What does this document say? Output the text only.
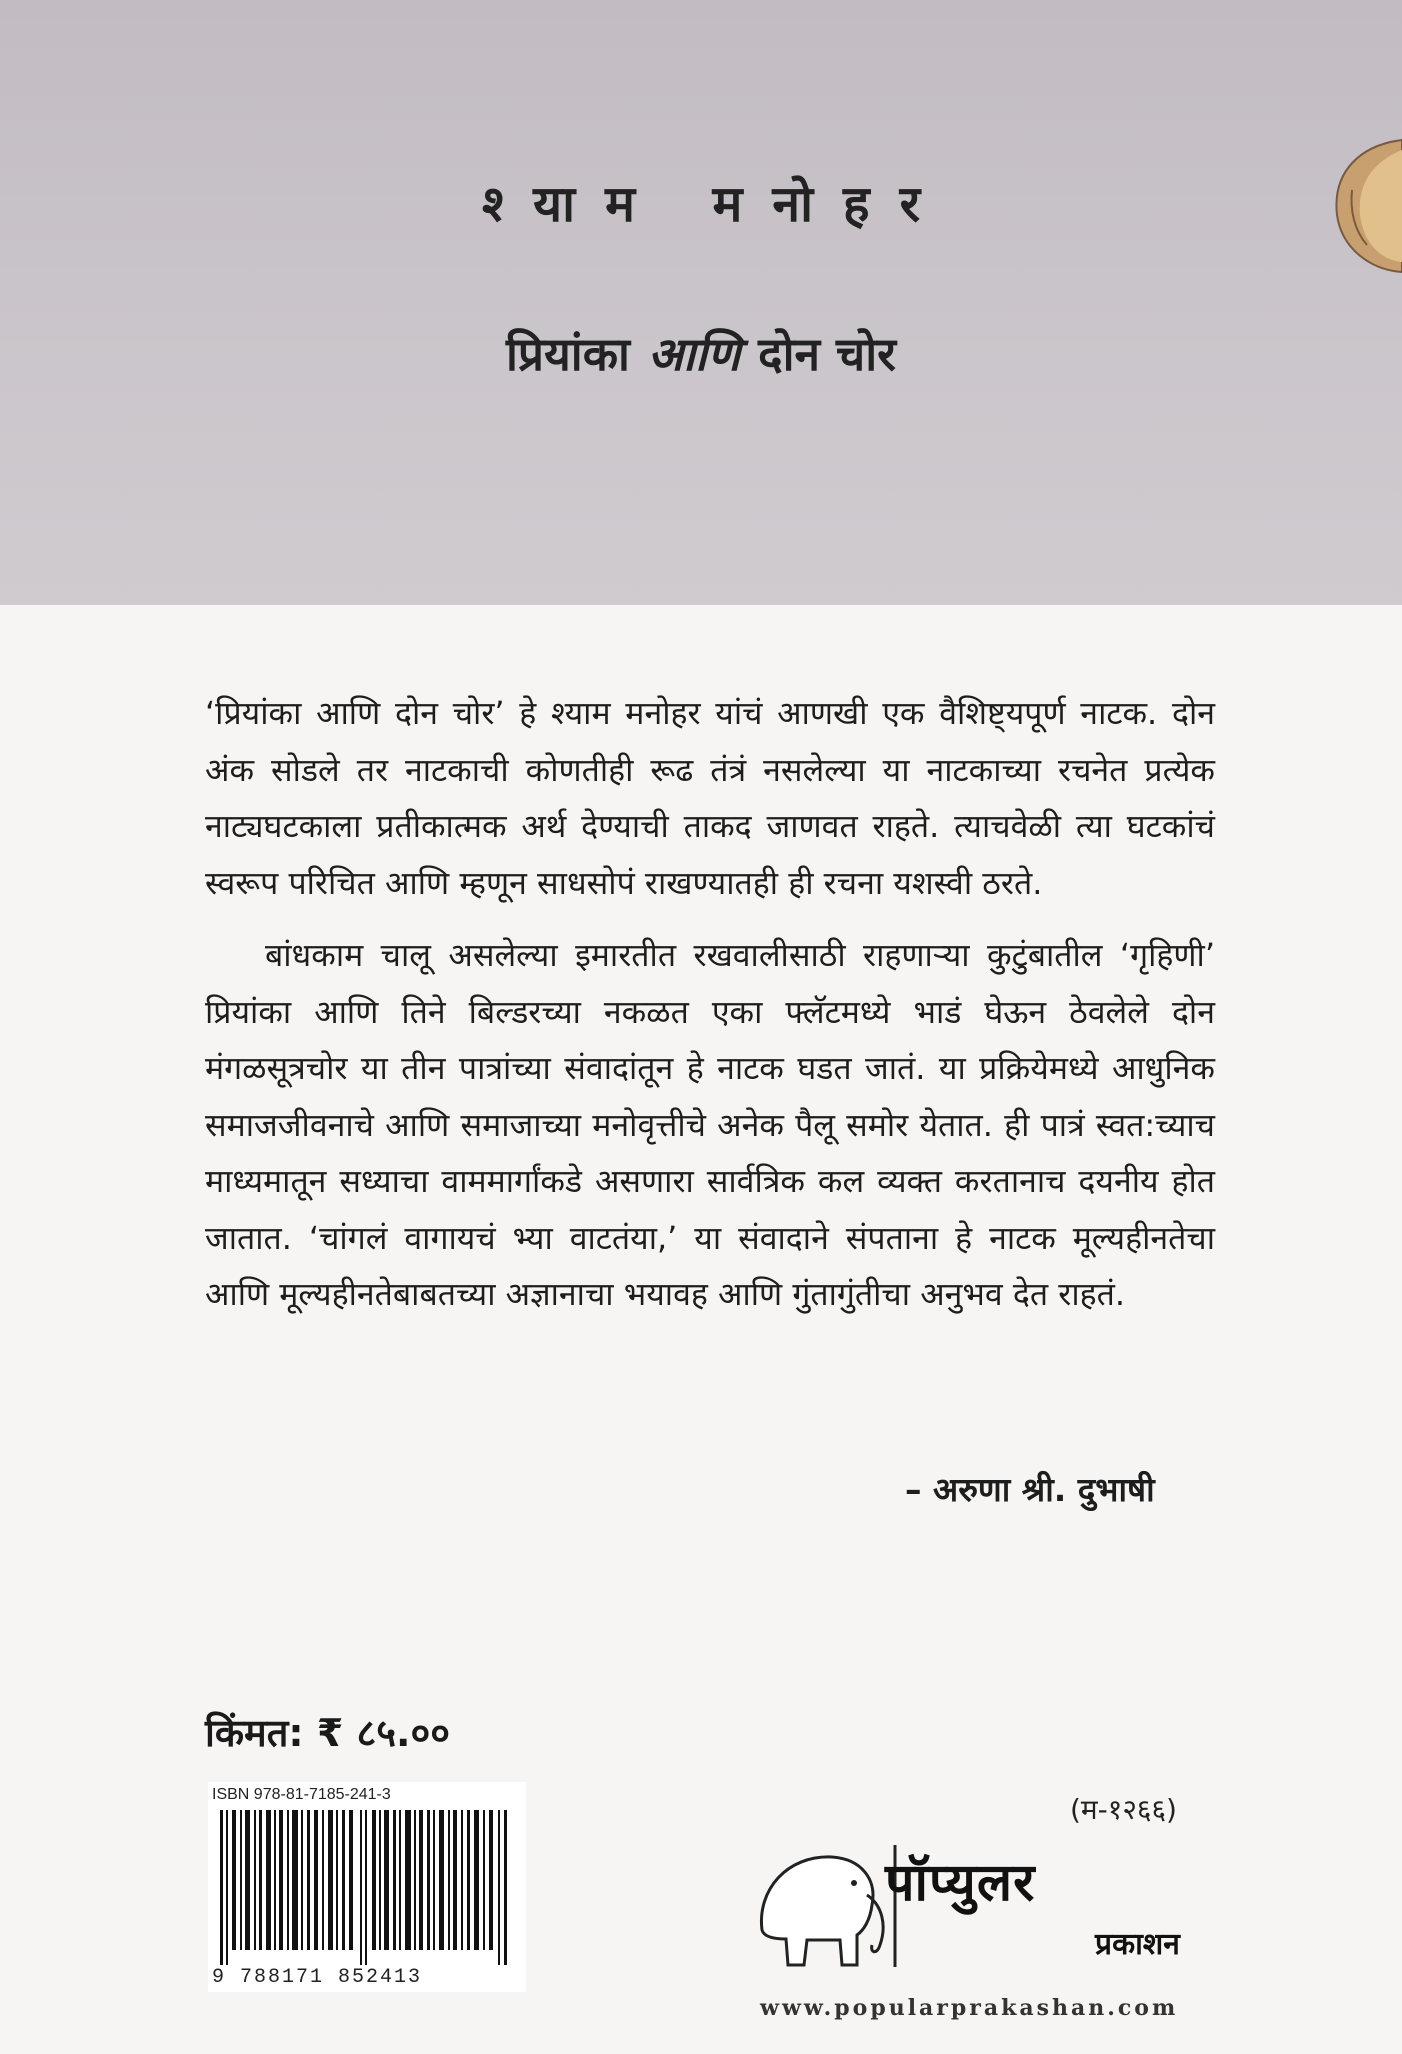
श्याम मनोहर
प्रियांका आणि दोन चोर

‘प्रियांका आणि दोन चोर’ हे श्याम मनोहर यांचं आणखी एक वैशिष्ट्यपूर्ण नाटक. दोन अंक सोडले तर नाटकाची कोणतीही रूढ तंत्रं नसलेल्या या नाटकाच्या रचनेत प्रत्येक नाट्यघटकाला प्रतीकात्मक अर्थ देण्याची ताकद जाणवत राहते. त्याचवेळी त्या घटकांचं स्वरूप परिचित आणि म्हणून साधसोपं राखण्यातही ही रचना यशस्वी ठरते.

बांधकाम चालू असलेल्या इमारतीत रखवालीसाठी राहणाऱ्या कुटुंबातील ‘गृहिणी’ प्रियांका आणि तिने बिल्डरच्या नकळत एका फ्लॅटमध्ये भाडं घेऊन ठेवलेले दोन मंगळसूत्रचोर या तीन पात्रांच्या संवादांतून हे नाटक घडत जातं. या प्रक्रियेमध्ये आधुनिक समाजजीवनाचे आणि समाजाच्या मनोवृत्तीचे अनेक पैलू समोर येतात. ही पात्रं स्वत:च्याच माध्यमातून सध्याचा वाममार्गांकडे असणारा सार्वत्रिक कल व्यक्त करतानाच दयनीय होत जातात. ‘चांगलं वागायचं भ्या वाटतंया,’ या संवादाने संपताना हे नाटक मूल्यहीनतेचा आणि मूल्यहीनतेबाबतच्या अज्ञानाचा भयावह आणि गुंतागुंतीचा अनुभव देत राहतं.

– अरुणा श्री. दुभाषी
किंमत: ₹ ८५.००
ISBN 978-81-7185-241-3
9 788171 852413
(म-१२६६)
पॉप्युलर
प्रकाशन
www.popularprakashan.com
